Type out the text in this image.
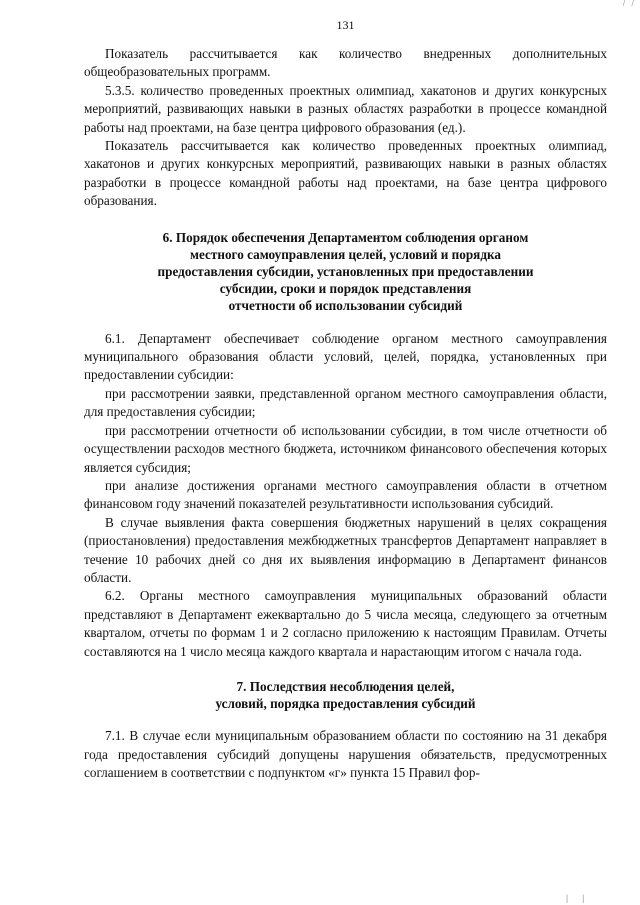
131

Показатель рассчитывается как количество внедренных дополнительных общеобразовательных программ.

5.3.5. количество проведенных проектных олимпиад, хакатонов и других конкурсных мероприятий, развивающих навыки в разных областях разработки в процессе командной работы над проектами, на базе центра цифрового образования (ед.).

Показатель рассчитывается как количество проведенных проектных олимпиад, хакатонов и других конкурсных мероприятий, развивающих навыки в разных областях разработки в процессе командной работы над проектами, на базе центра цифрового образования.

6. Порядок обеспечения Департаментом соблюдения органом
местного самоуправления целей, условий и порядка
предоставления субсидии, установленных при предоставлении
субсидии, сроки и порядок представления
отчетности об использовании субсидий

6.1. Департамент обеспечивает соблюдение органом местного самоуправления муниципального образования области условий, целей, порядка, установленных при предоставлении субсидии:

при рассмотрении заявки, представленной органом местного самоуправления области, для предоставления субсидии;

при рассмотрении отчетности об использовании субсидии, в том числе отчетности об осуществлении расходов местного бюджета, источником финансового обеспечения которых является субсидия;

при анализе достижения органами местного самоуправления области в отчетном финансовом году значений показателей результативности использования субсидий.

В случае выявления факта совершения бюджетных нарушений в целях сокращения (приостановления) предоставления межбюджетных трансфертов Департамент направляет в течение 10 рабочих дней со дня их выявления информацию в Департамент финансов области.

6.2. Органы местного самоуправления муниципальных образований области представляют в Департамент ежеквартально до 5 числа месяца, следующего за отчетным кварталом, отчеты по формам 1 и 2 согласно приложению к настоящим Правилам. Отчеты составляются на 1 число месяца каждого квартала и нарастающим итогом с начала года.

7. Последствия несоблюдения целей,
условий, порядка предоставления субсидий

7.1. В случае если муниципальным образованием области по состоянию на 31 декабря года предоставления субсидий допущены нарушения обязательств, предусмотренных соглашением в соответствии с подпунктом «г» пункта 15 Правил фор-

/ /
| |
